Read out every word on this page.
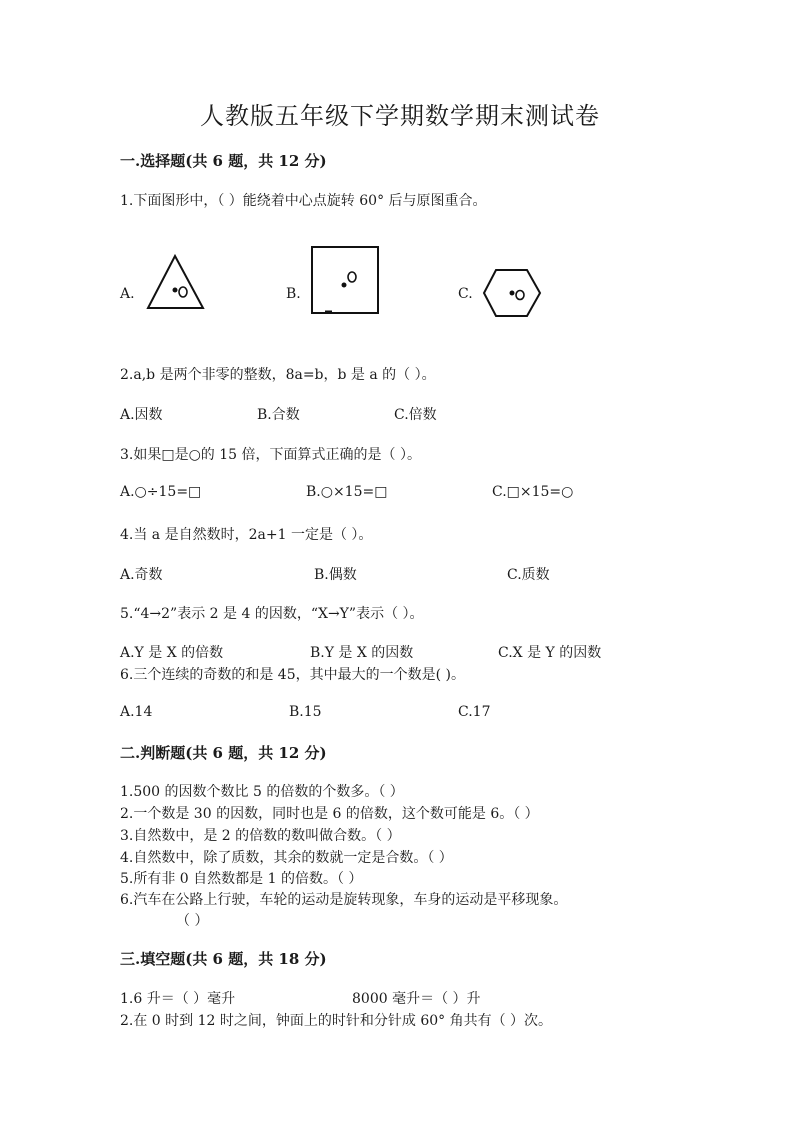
人教版五年级下学期数学期末测试卷
一.选择题(共 6 题，共 12 分)
1.下面图形中，（ ）能绕着中心点旋转 60° 后与原图重合。
A.	B.	C.
2.a,b 是两个非零的整数，8a=b，b 是 a 的（ ）。
A.因数	B.合数	C.倍数
3.如果□是○的 15 倍，下面算式正确的是（ ）。
A.○÷15=□	B.○×15=□	C.□×15=○
4.当 a 是自然数时，2a+1 一定是（ ）。
A.奇数	B.偶数	C.质数
5.“4→2”表示 2 是 4 的因数，“X→Y”表示（ ）。
A.Y 是 X 的倍数	B.Y 是 X 的因数	C.X 是 Y 的因数
6.三个连续的奇数的和是 45，其中最大的一个数是( )。
A.14	B.15	C.17
二.判断题(共 6 题，共 12 分)
1.500 的因数个数比 5 的倍数的个数多。（ ）
2.一个数是 30 的因数，同时也是 6 的倍数，这个数可能是 6。（ ）
3.自然数中，是 2 的倍数的数叫做合数。（ ）
4.自然数中，除了质数，其余的数就一定是合数。（ ）
5.所有非 0 自然数都是 1 的倍数。（ ）
6.汽车在公路上行驶，车轮的运动是旋转现象，车身的运动是平移现象。
（ ）
三.填空题(共 6 题，共 18 分)
1.6 升＝（ ）毫升	8000 毫升＝（ ）升
2.在 0 时到 12 时之间，钟面上的时针和分针成 60° 角共有（ ）次。
